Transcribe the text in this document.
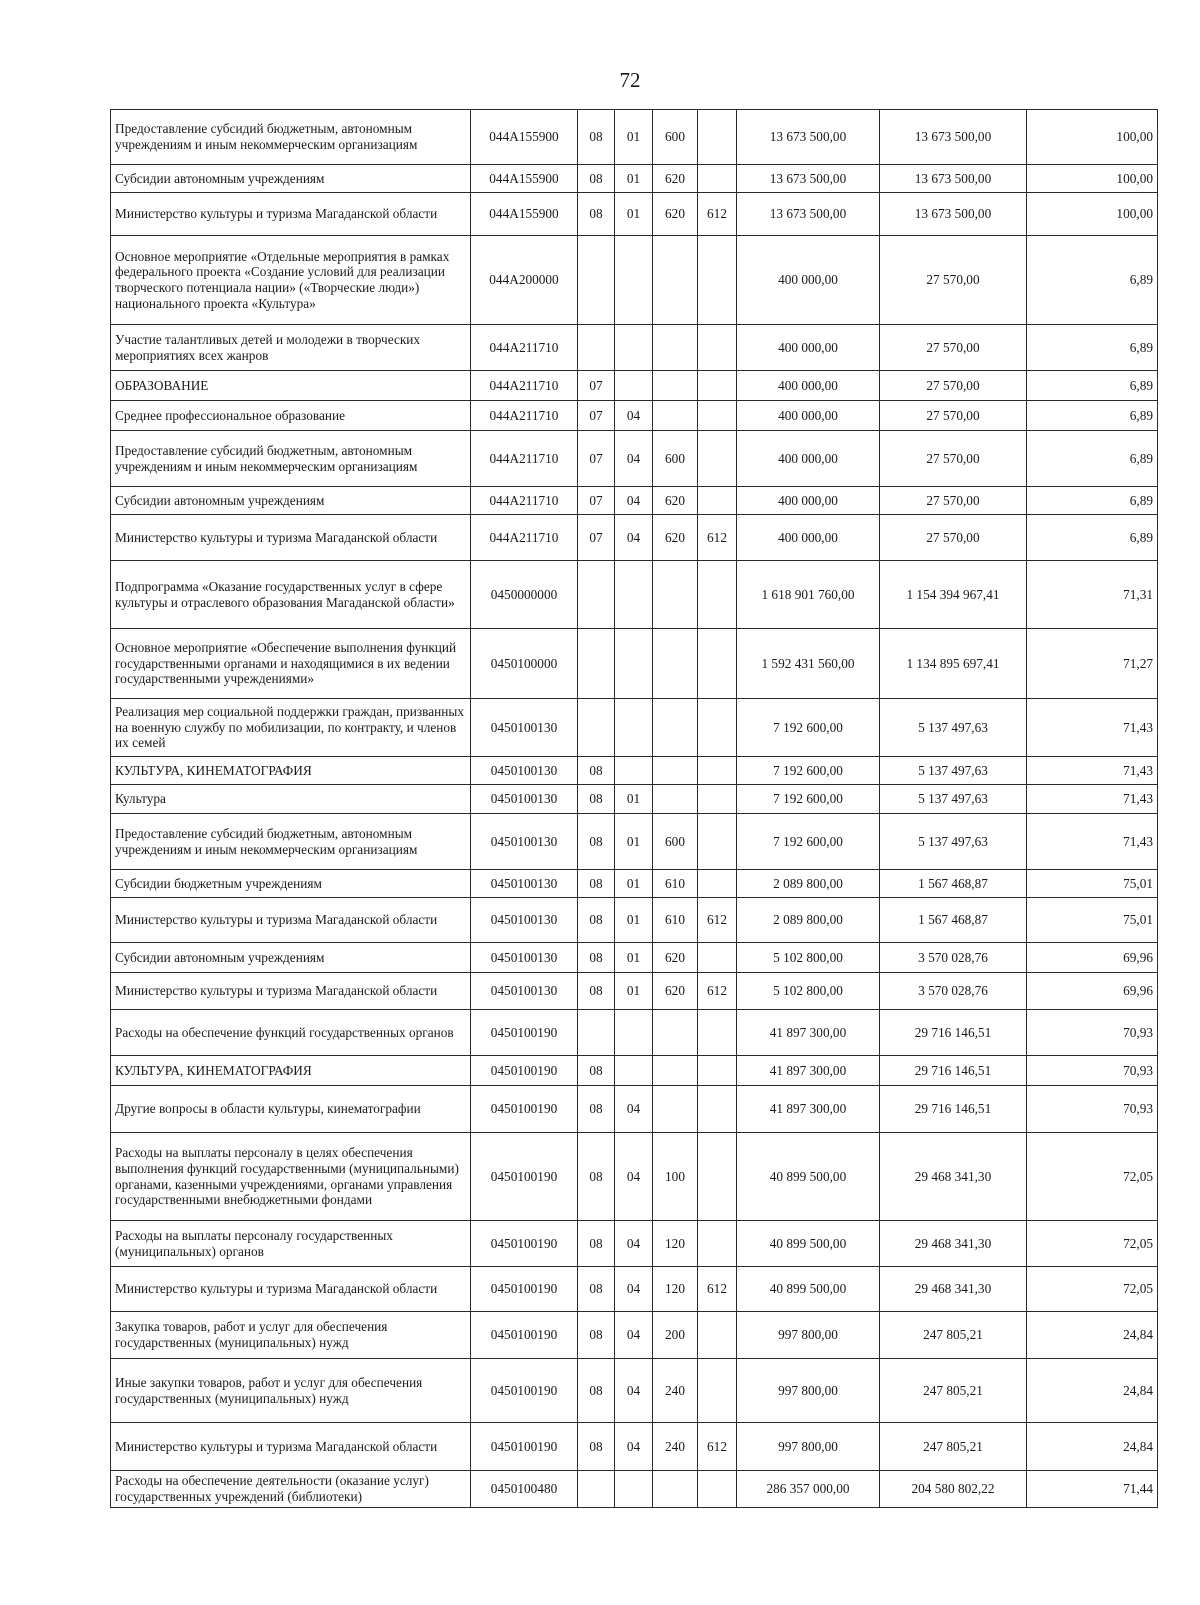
72
Предоставление субсидий бюджетным, автономным учреждениям и иным некоммерческим организациям	044A155900	08	01	600		13 673 500,00	13 673 500,00	100,00
Субсидии автономным учреждениям	044A155900	08	01	620		13 673 500,00	13 673 500,00	100,00
Министерство культуры и туризма Магаданской области	044A155900	08	01	620	612	13 673 500,00	13 673 500,00	100,00
Основное мероприятие «Отдельные мероприятия в рамках федерального проекта «Создание условий для реализации творческого потенциала нации» («Творческие люди») национального проекта «Культура»	044A200000					400 000,00	27 570,00	6,89
Участие талантливых детей и молодежи в творческих мероприятиях всех жанров	044A211710					400 000,00	27 570,00	6,89
ОБРАЗОВАНИЕ	044A211710	07				400 000,00	27 570,00	6,89
Среднее профессиональное образование	044A211710	07	04			400 000,00	27 570,00	6,89
Предоставление субсидий бюджетным, автономным учреждениям и иным некоммерческим организациям	044A211710	07	04	600		400 000,00	27 570,00	6,89
Субсидии автономным учреждениям	044A211710	07	04	620		400 000,00	27 570,00	6,89
Министерство культуры и туризма Магаданской области	044A211710	07	04	620	612	400 000,00	27 570,00	6,89
Подпрограмма «Оказание государственных услуг в сфере культуры и отраслевого образования Магаданской области»	0450000000					1 618 901 760,00	1 154 394 967,41	71,31
Основное мероприятие «Обеспечение выполнения функций государственными органами и находящимися в их ведении государственными учреждениями»	0450100000					1 592 431 560,00	1 134 895 697,41	71,27
Реализация мер социальной поддержки граждан, призванных на военную службу по мобилизации, по контракту, и членов их семей	0450100130					7 192 600,00	5 137 497,63	71,43
КУЛЬТУРА, КИНЕМАТОГРАФИЯ	0450100130	08				7 192 600,00	5 137 497,63	71,43
Культура	0450100130	08	01			7 192 600,00	5 137 497,63	71,43
Предоставление субсидий бюджетным, автономным учреждениям и иным некоммерческим организациям	0450100130	08	01	600		7 192 600,00	5 137 497,63	71,43
Субсидии бюджетным учреждениям	0450100130	08	01	610		2 089 800,00	1 567 468,87	75,01
Министерство культуры и туризма Магаданской области	0450100130	08	01	610	612	2 089 800,00	1 567 468,87	75,01
Субсидии автономным учреждениям	0450100130	08	01	620		5 102 800,00	3 570 028,76	69,96
Министерство культуры и туризма Магаданской области	0450100130	08	01	620	612	5 102 800,00	3 570 028,76	69,96
Расходы на обеспечение функций государственных органов	0450100190					41 897 300,00	29 716 146,51	70,93
КУЛЬТУРА, КИНЕМАТОГРАФИЯ	0450100190	08				41 897 300,00	29 716 146,51	70,93
Другие вопросы в области культуры, кинематографии	0450100190	08	04			41 897 300,00	29 716 146,51	70,93
Расходы на выплаты персоналу в целях обеспечения выполнения функций государственными (муниципальными) органами, казенными учреждениями, органами управления государственными внебюджетными фондами	0450100190	08	04	100		40 899 500,00	29 468 341,30	72,05
Расходы на выплаты персоналу государственных (муниципальных) органов	0450100190	08	04	120		40 899 500,00	29 468 341,30	72,05
Министерство культуры и туризма Магаданской области	0450100190	08	04	120	612	40 899 500,00	29 468 341,30	72,05
Закупка товаров, работ и услуг для обеспечения государственных (муниципальных) нужд	0450100190	08	04	200		997 800,00	247 805,21	24,84
Иные закупки товаров, работ и услуг для обеспечения государственных (муниципальных) нужд	0450100190	08	04	240		997 800,00	247 805,21	24,84
Министерство культуры и туризма Магаданской области	0450100190	08	04	240	612	997 800,00	247 805,21	24,84
Расходы на обеспечение деятельности (оказание услуг) государственных учреждений (библиотеки)	0450100480					286 357 000,00	204 580 802,22	71,44
